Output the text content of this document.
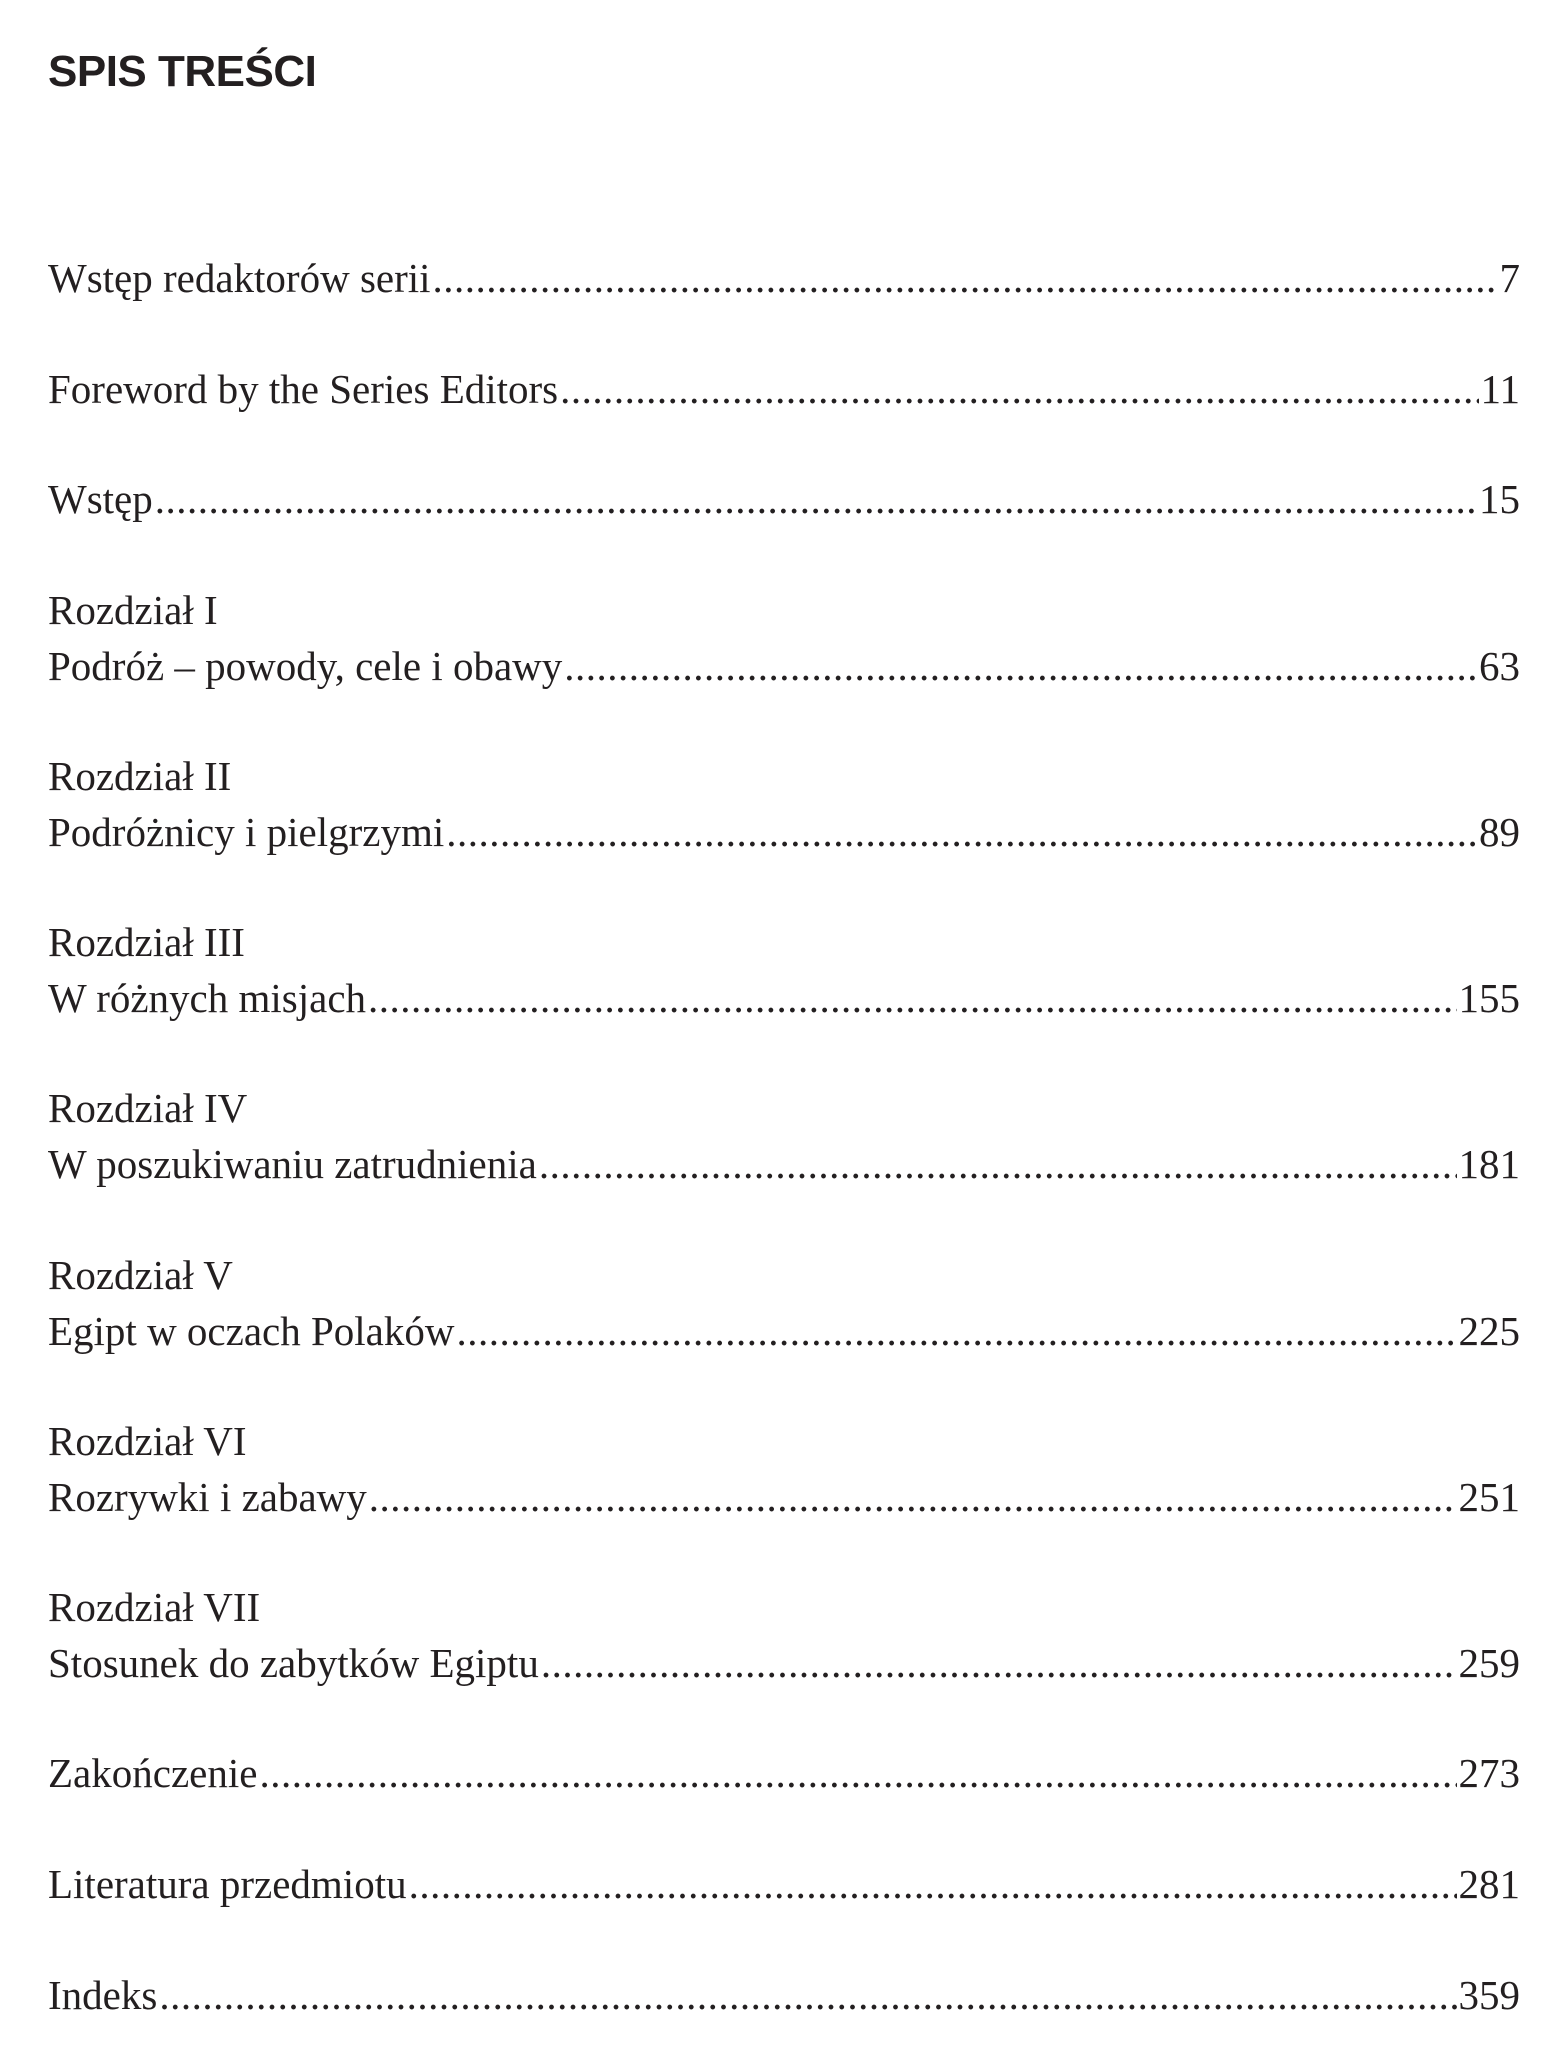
SPIS TREŚCI
Wstęp redaktorów serii .....	7
Foreword by the Series Editors .....	11
Wstęp .....	15
Rozdział I
Podróż – powody, cele i obawy .....	63
Rozdział II
Podróżnicy i pielgrzymi .....	89
Rozdział III
W różnych misjach .....	155
Rozdział IV
W poszukiwaniu zatrudnienia .....	181
Rozdział V
Egipt w oczach Polaków .....	225
Rozdział VI
Rozrywki i zabawy .....	251
Rozdział VII
Stosunek do zabytków Egiptu .....	259
Zakończenie .....	273
Literatura przedmiotu .....	281
Indeks .....	359
